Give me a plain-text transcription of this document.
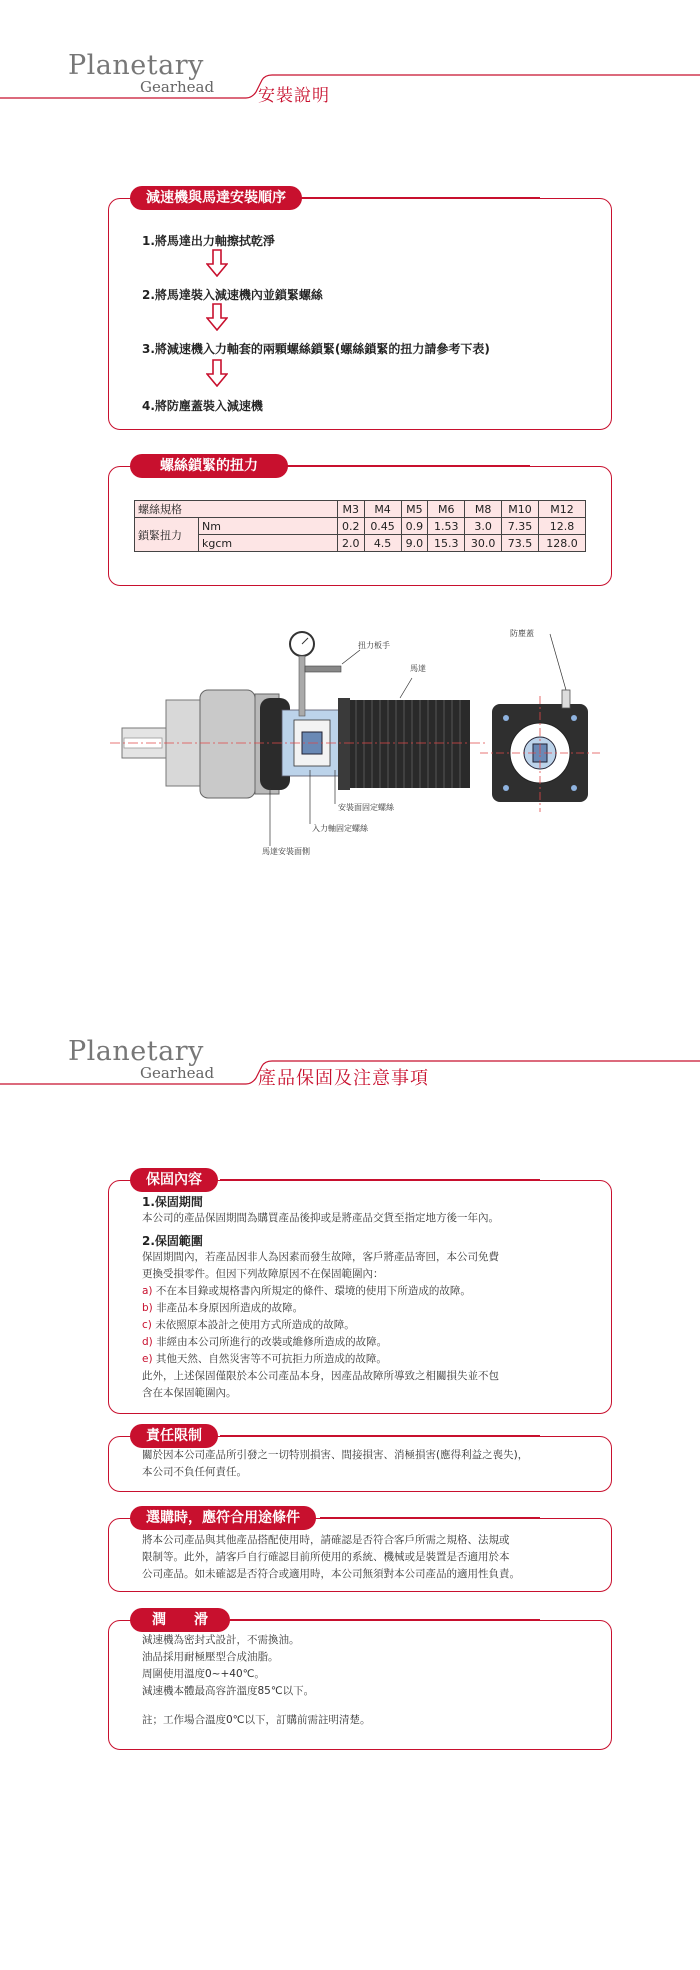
Planetary
Gearhead	安裝說明
減速機與馬達安裝順序
1.將馬達出力軸擦拭乾淨
2.將馬達裝入減速機內並鎖緊螺絲
3.將減速機入力軸套的兩顆螺絲鎖緊(螺絲鎖緊的扭力請參考下表)
4.將防塵蓋裝入減速機
螺絲鎖緊的扭力
螺絲規格		M3	M4	M5	M6	M8	M10	M12
鎖緊扭力	Nm	0.2	0.45	0.9	1.53	3.0	7.35	12.8
	kgcm	2.0	4.5	9.0	15.3	30.0	73.5	128.0
扭力板手
馬達
安裝面固定螺絲
入力軸固定螺絲
馬達安裝面側
防塵蓋
Planetary
Gearhead 產品保固及注意事項
保固內容
1.保固期間
本公司的產品保固期間為購買產品後抑或是將產品交貨至指定地方後一年內。
2.保固範圍
保固期間內，若產品因非人為因素而發生故障，客戶將產品寄回，本公司免費
更換受損零件。但因下列故障原因不在保固範圍內：
a) 不在本目錄或規格書內所規定的條件、環境的使用下所造成的故障。
b) 非產品本身原因所造成的故障。
c) 未依照原本設計之使用方式所造成的故障。
d) 非經由本公司所進行的改裝或維修所造成的故障。
e) 其他天然、自然災害等不可抗拒力所造成的故障。
此外，上述保固僅限於本公司產品本身，因產品故障所導致之相關損失並不包
含在本保固範圍內。
責任限制
關於因本公司產品所引發之一切特別損害、間接損害、消極損害(應得利益之喪失)，
本公司不負任何責任。
選購時，應符合用途條件
將本公司產品與其他產品搭配使用時，請確認是否符合客戶所需之規格、法規或
限制等。此外，請客戶自行確認目前所使用的系統、機械或是裝置是否適用於本
公司產品。如未確認是否符合或適用時，本公司無須對本公司產品的適用性負責。
潤　　滑
減速機為密封式設計，不需換油。
油品採用耐極壓型合成油脂。
周圍使用溫度0~+40℃。
減速機本體最高容許溫度85℃以下。
註；工作場合溫度0℃以下，訂購前需註明清楚。
